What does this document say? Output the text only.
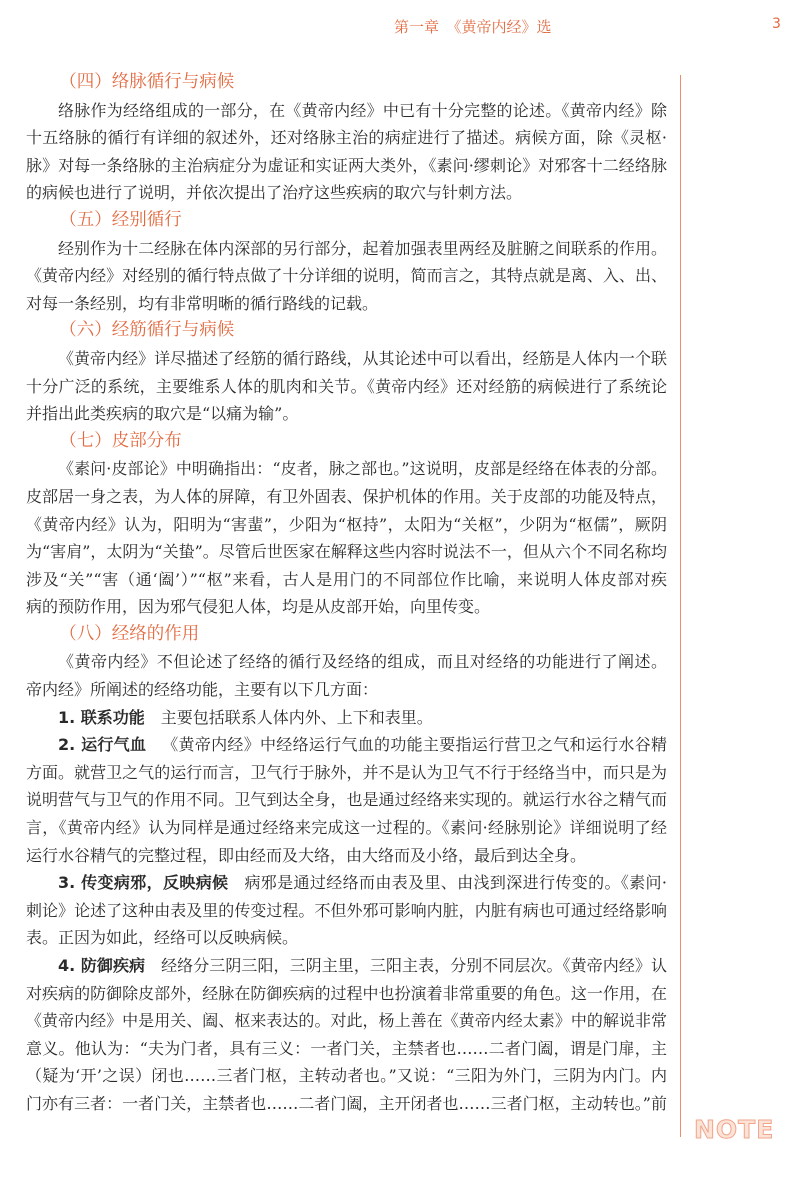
第一章　《黄帝内经》选	3
NOTE
（四）络脉循行与病候
络脉作为经络组成的一部分，在《黄帝内经》中已有十分完整的论述。《黄帝内经》除
十五络脉的循行有详细的叙述外，还对络脉主治的病症进行了描述。病候方面，除《灵枢·
脉》对每一条络脉的主治病症分为虚证和实证两大类外，《素问·缪刺论》对邪客十二经络脉
的病候也进行了说明，并依次提出了治疗这些疾病的取穴与针刺方法。
（五）经别循行
经别作为十二经脉在体内深部的另行部分，起着加强表里两经及脏腑之间联系的作用。
《黄帝内经》对经别的循行特点做了十分详细的说明，简而言之，其特点就是离、入、出、
对每一条经别，均有非常明晰的循行路线的记载。
（六）经筋循行与病候
《黄帝内经》详尽描述了经筋的循行路线，从其论述中可以看出，经筋是人体内一个联
十分广泛的系统，主要维系人体的肌肉和关节。《黄帝内经》还对经筋的病候进行了系统论
并指出此类疾病的取穴是“以痛为输”。
（七）皮部分布
《素问·皮部论》中明确指出：“皮者，脉之部也。”这说明，皮部是经络在体表的分部。
皮部居一身之表，为人体的屏障，有卫外固表、保护机体的作用。关于皮部的功能及特点，
《黄帝内经》认为，阳明为“害蜚”，少阳为“枢持”，太阳为“关枢”，少阴为“枢儒”，厥阴
为“害肩”，太阴为“关蛰”。尽管后世医家在解释这些内容时说法不一，但从六个不同名称均
涉及“关”“害（通‘阖’）”“枢”来看，古人是用门的不同部位作比喻，来说明人体皮部对疾
病的预防作用，因为邪气侵犯人体，均是从皮部开始，向里传变。
（八）经络的作用
《黄帝内经》不但论述了经络的循行及经络的组成，而且对经络的功能进行了阐述。
帝内经》所阐述的经络功能，主要有以下几方面：
1. 联系功能 主要包括联系人体内外、上下和表里。
2. 运行气血 《黄帝内经》中经络运行气血的功能主要指运行营卫之气和运行水谷精
方面。就营卫之气的运行而言，卫气行于脉外，并不是认为卫气不行于经络当中，而只是为
说明营气与卫气的作用不同。卫气到达全身，也是通过经络来实现的。就运行水谷之精气而
言，《黄帝内经》认为同样是通过经络来完成这一过程的。《素问·经脉别论》详细说明了经
运行水谷精气的完整过程，即由经而及大络，由大络而及小络，最后到达全身。
3. 传变病邪，反映病候 病邪是通过经络而由表及里、由浅到深进行传变的。《素问·
刺论》论述了这种由表及里的传变过程。不但外邪可影响内脏，内脏有病也可通过经络影响
表。正因为如此，经络可以反映病候。
4. 防御疾病 经络分三阴三阳，三阴主里，三阳主表，分别不同层次。《黄帝内经》认
对疾病的防御除皮部外，经脉在防御疾病的过程中也扮演着非常重要的角色。这一作用，在
《黄帝内经》中是用关、阖、枢来表达的。对此，杨上善在《黄帝内经太素》中的解说非常
意义。他认为：“夫为门者，具有三义：一者门关，主禁者也……二者门阖，谓是门扉，主
（疑为‘开’之误）闭也……三者门枢，主转动者也。”又说：“三阳为外门，三阴为内门。内
门亦有三者：一者门关，主禁者也……二者门阖，主开闭者也……三者门枢，主动转也。”前
